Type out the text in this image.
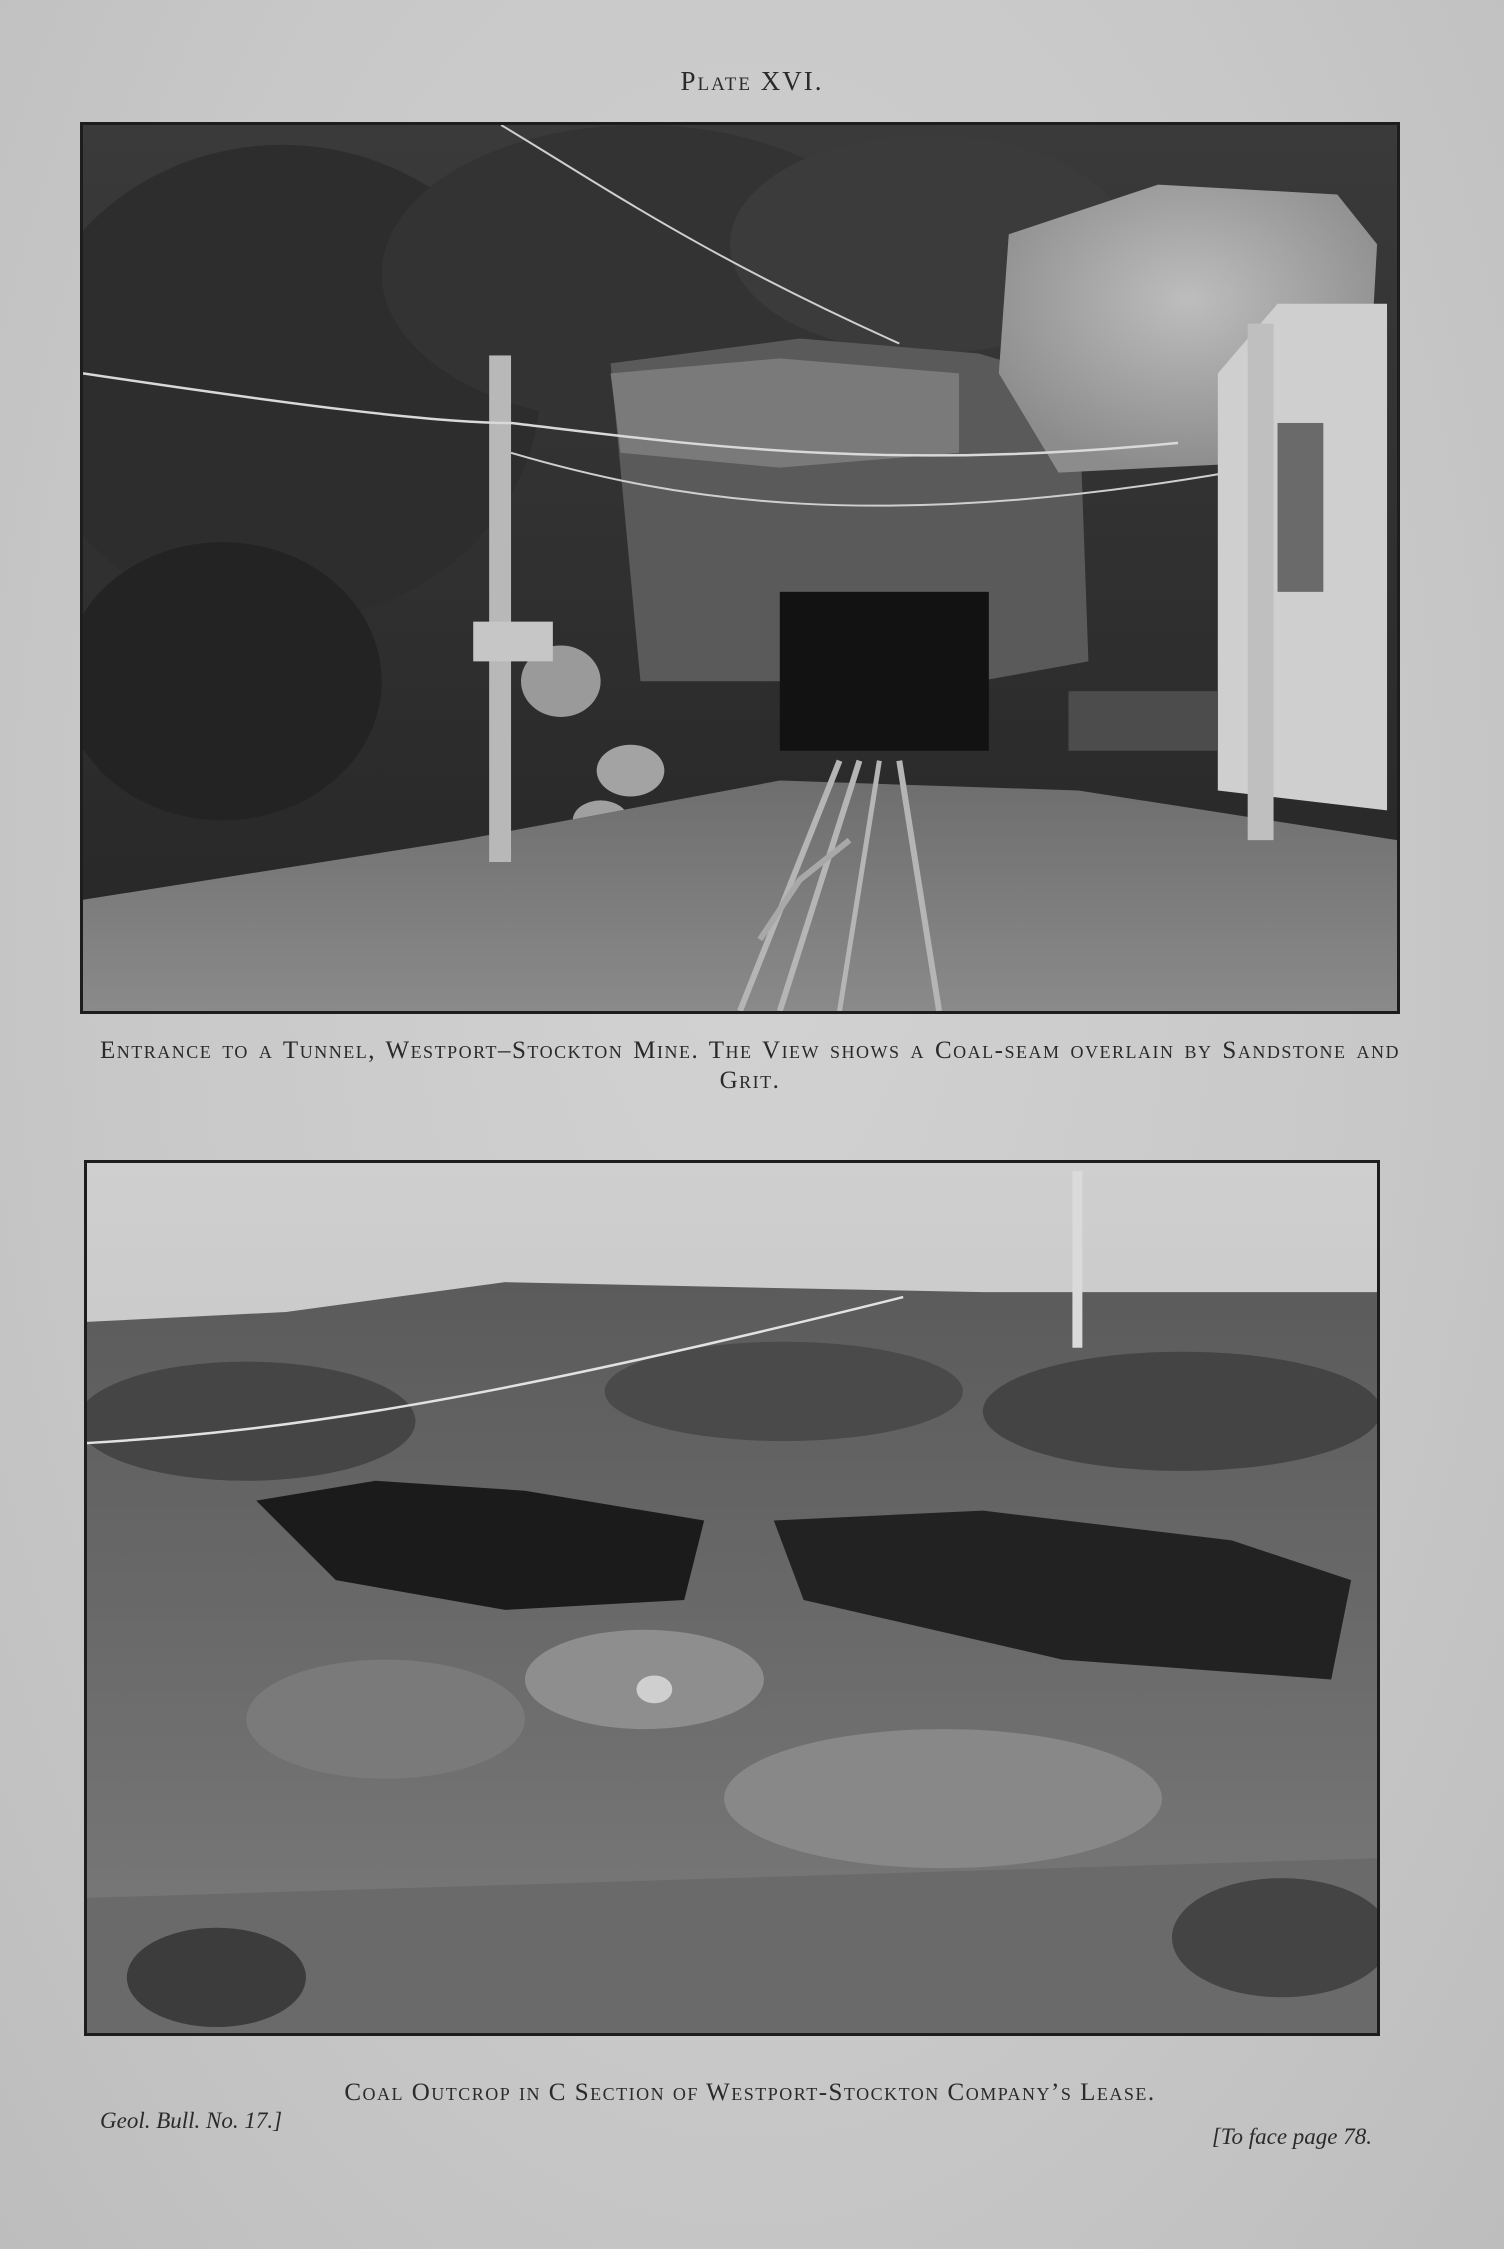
Plate XVI.
Entrance to a Tunnel, Westport–Stockton Mine. The View shows a Coal-seam overlain by Sandstone and Grit.
Coal Outcrop in C Section of Westport-Stockton Company’s Lease.
Geol. Bull. No. 17.]
[To face page 78.
